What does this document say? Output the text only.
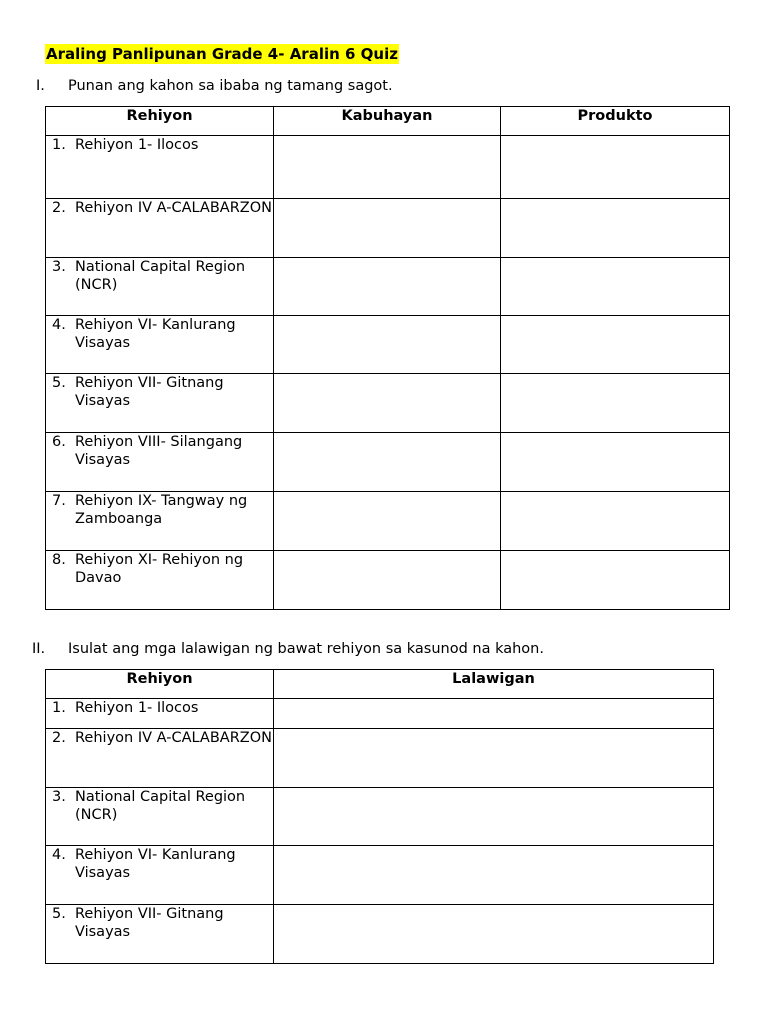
Araling Panlipunan Grade 4- Aralin 6 Quiz
I. Punan ang kahon sa ibaba ng tamang sagot.
Rehiyon	Kabuhayan	Produkto

1. Rehiyon 1- Ilocos		

2. Rehiyon IV A-CALABARZON		

3. National Capital Region (NCR)		

4. Rehiyon VI- Kanlurang Visayas		

5. Rehiyon VII- Gitnang Visayas		

6. Rehiyon VIII- Silangang Visayas		

7. Rehiyon IX- Tangway ng Zamboanga		

8. Rehiyon XI- Rehiyon ng Davao		

II. Isulat ang mga lalawigan ng bawat rehiyon sa kasunod na kahon.
Rehiyon	Lalawigan

1. Rehiyon 1- Ilocos	

2. Rehiyon IV A-CALABARZON	

3. National Capital Region (NCR)	

4. Rehiyon VI- Kanlurang Visayas	

5. Rehiyon VII- Gitnang Visayas	
